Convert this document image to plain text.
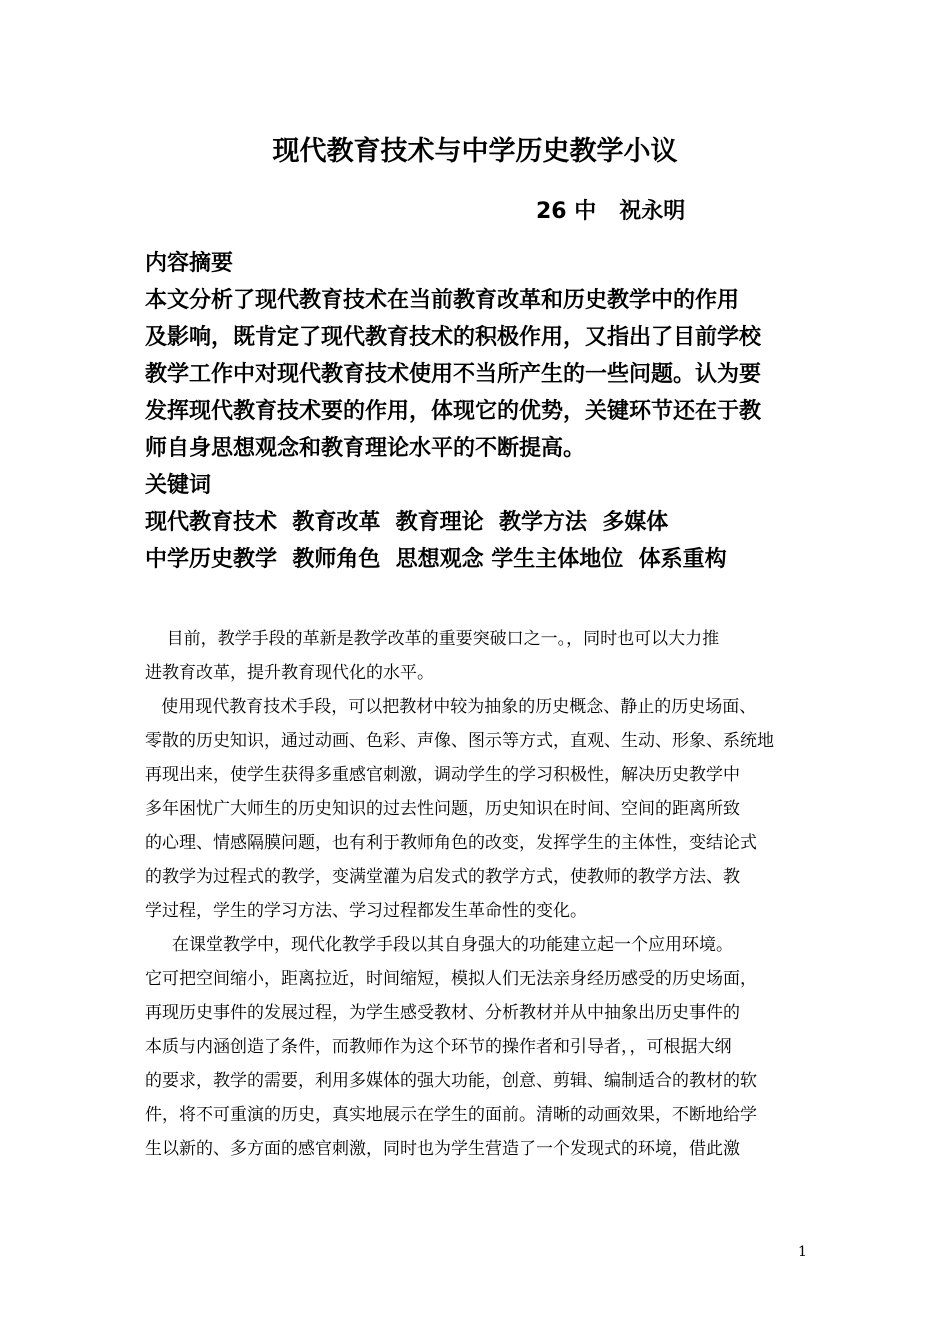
现代教育技术与中学历史教学小议
26 中   祝永明
内容摘要
本文分析了现代教育技术在当前教育改革和历史教学中的作用
及影响，既肯定了现代教育技术的积极作用，又指出了目前学校
教学工作中对现代教育技术使用不当所产生的一些问题。认为要
发挥现代教育技术要的作用，体现它的优势，关键环节还在于教
师自身思想观念和教育理论水平的不断提高。
关键词
现代教育技术  教育改革  教育理论  教学方法  多媒体
中学历史教学  教师角色  思想观念 学生主体地位  体系重构
目前，教学手段的革新是教学改革的重要突破口之一。，同时也可以大力推
进教育改革，提升教育现代化的水平。
使用现代教育技术手段，可以把教材中较为抽象的历史概念、静止的历史场面、
零散的历史知识，通过动画、色彩、声像、图示等方式，直观、生动、形象、系统地
再现出来，使学生获得多重感官刺激，调动学生的学习积极性，解决历史教学中
多年困忧广大师生的历史知识的过去性问题，历史知识在时间、空间的距离所致
的心理、情感隔膜问题，也有利于教师角色的改变，发挥学生的主体性，变结论式
的教学为过程式的教学，变满堂灌为启发式的教学方式，使教师的教学方法、教
学过程，学生的学习方法、学习过程都发生革命性的变化。
在课堂教学中，现代化教学手段以其自身强大的功能建立起一个应用环境。
它可把空间缩小，距离拉近，时间缩短，模拟人们无法亲身经历感受的历史场面，
再现历史事件的发展过程，为学生感受教材、分析教材并从中抽象出历史事件的
本质与内涵创造了条件，而教师作为这个环节的操作者和引导者，，可根据大纲
的要求，教学的需要，利用多媒体的强大功能，创意、剪辑、编制适合的教材的软
件，将不可重演的历史，真实地展示在学生的面前。清晰的动画效果，不断地给学
生以新的、多方面的感官刺激，同时也为学生营造了一个发现式的环境，借此激
1
